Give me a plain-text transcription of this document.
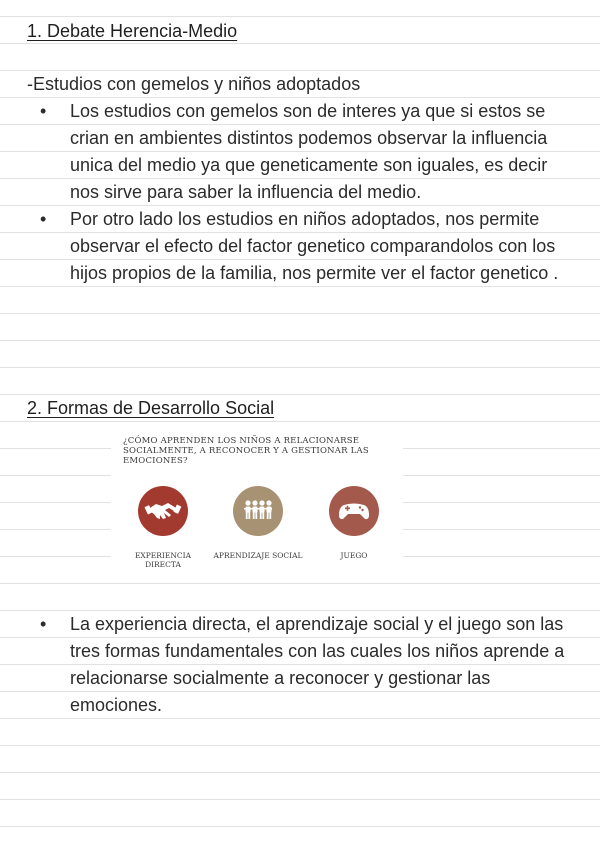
1. Debate Herencia-Medio

-Estudios con gemelos y niños adoptados

• Los estudios con gemelos son de interes ya que si estos se crian en ambientes distintos podemos observar la influencia unica del medio ya que geneticamente son iguales, es decir nos sirve para saber la influencia del medio.
• Por otro lado los estudios en niños adoptados, nos permite observar el efecto del factor genetico comparandolos con los hijos propios de la familia, nos permite ver el factor genetico .
2. Formas de Desarrollo Social
¿CÓMO APRENDEN LOS NIÑOS A RELACIONARSE SOCIALMENTE, A RECONOCER Y A GESTIONAR LAS EMOCIONES?
EXPERIENCIA DIRECTA
APRENDIZAJE SOCIAL	JUEGO
• La experiencia directa, el aprendizaje social y el juego son las tres formas fundamentales con las cuales los niños aprende a relacionarse socialmente a reconocer y gestionar las emociones.
